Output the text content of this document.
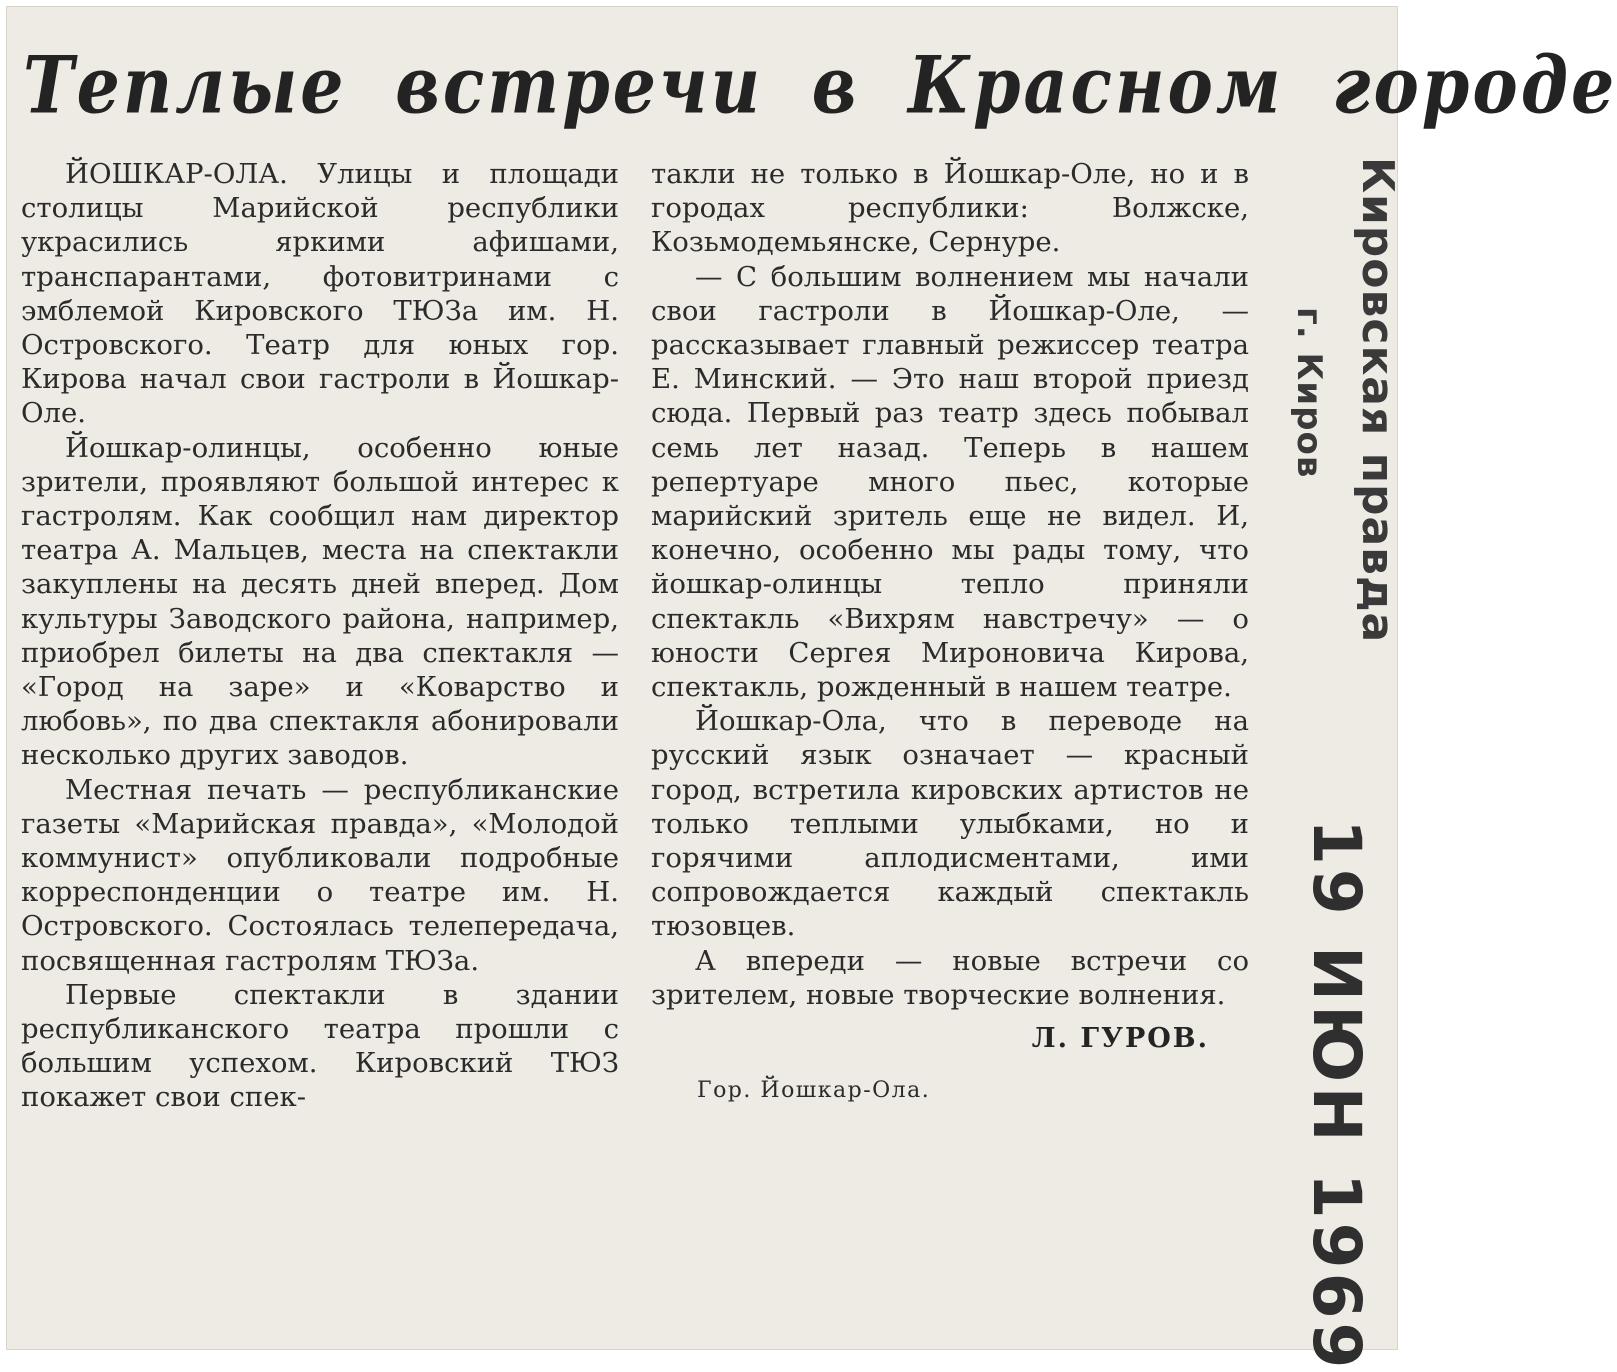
Теплые встречи в Красном городе

ЙОШКАР-ОЛА. Улицы и площади столицы Марийской республики украсились яркими афишами, транспарантами, фотовитринами с эмблемой Кировского ТЮЗа им. Н. Островского. Театр для юных гор. Кирова начал свои гастроли в Йошкар-Оле.

Йошкар-олинцы, особенно юные зрители, проявляют большой интерес к гастролям. Как сообщил нам директор театра А. Мальцев, места на спектакли закуплены на десять дней вперед. Дом культуры Заводского района, например, приобрел билеты на два спектакля — «Город на заре» и «Коварство и любовь», по два спектакля абонировали несколько других заводов.

Местная печать — республиканские газеты «Марийская правда», «Молодой коммунист» опубликовали подробные корреспонденции о театре им. Н. Островского. Состоялась телепередача, посвященная гастролям ТЮЗа.

Первые спектакли в здании республиканского театра прошли с большим успехом. Кировский ТЮЗ покажет свои спек-

такли не только в Йошкар-Оле, но и в городах республики: Волжске, Козьмодемьянске, Сернуре.

— С большим волнением мы начали свои гастроли в Йошкар-Оле, — рассказывает главный режиссер театра Е. Минский. — Это наш второй приезд сюда. Первый раз театр здесь побывал семь лет назад. Теперь в нашем репертуаре много пьес, которые марийский зритель еще не видел. И, конечно, особенно мы рады тому, что йошкар-олинцы тепло приняли спектакль «Вихрям навстречу» — о юности Сергея Мироновича Кирова, спектакль, рожденный в нашем театре.

Йошкар-Ола, что в переводе на русский язык означает — красный город, встретила кировских артистов не только теплыми улыбками, но и горячими аплодисментами, ими сопровождается каждый спектакль тюзовцев.

А впереди — новые встречи со зрителем, новые творческие волнения.

Л. ГУРОВ.
Гор. Йошкар-Ола.
Кировская правда
г. Киров
19 ИЮН 1969
